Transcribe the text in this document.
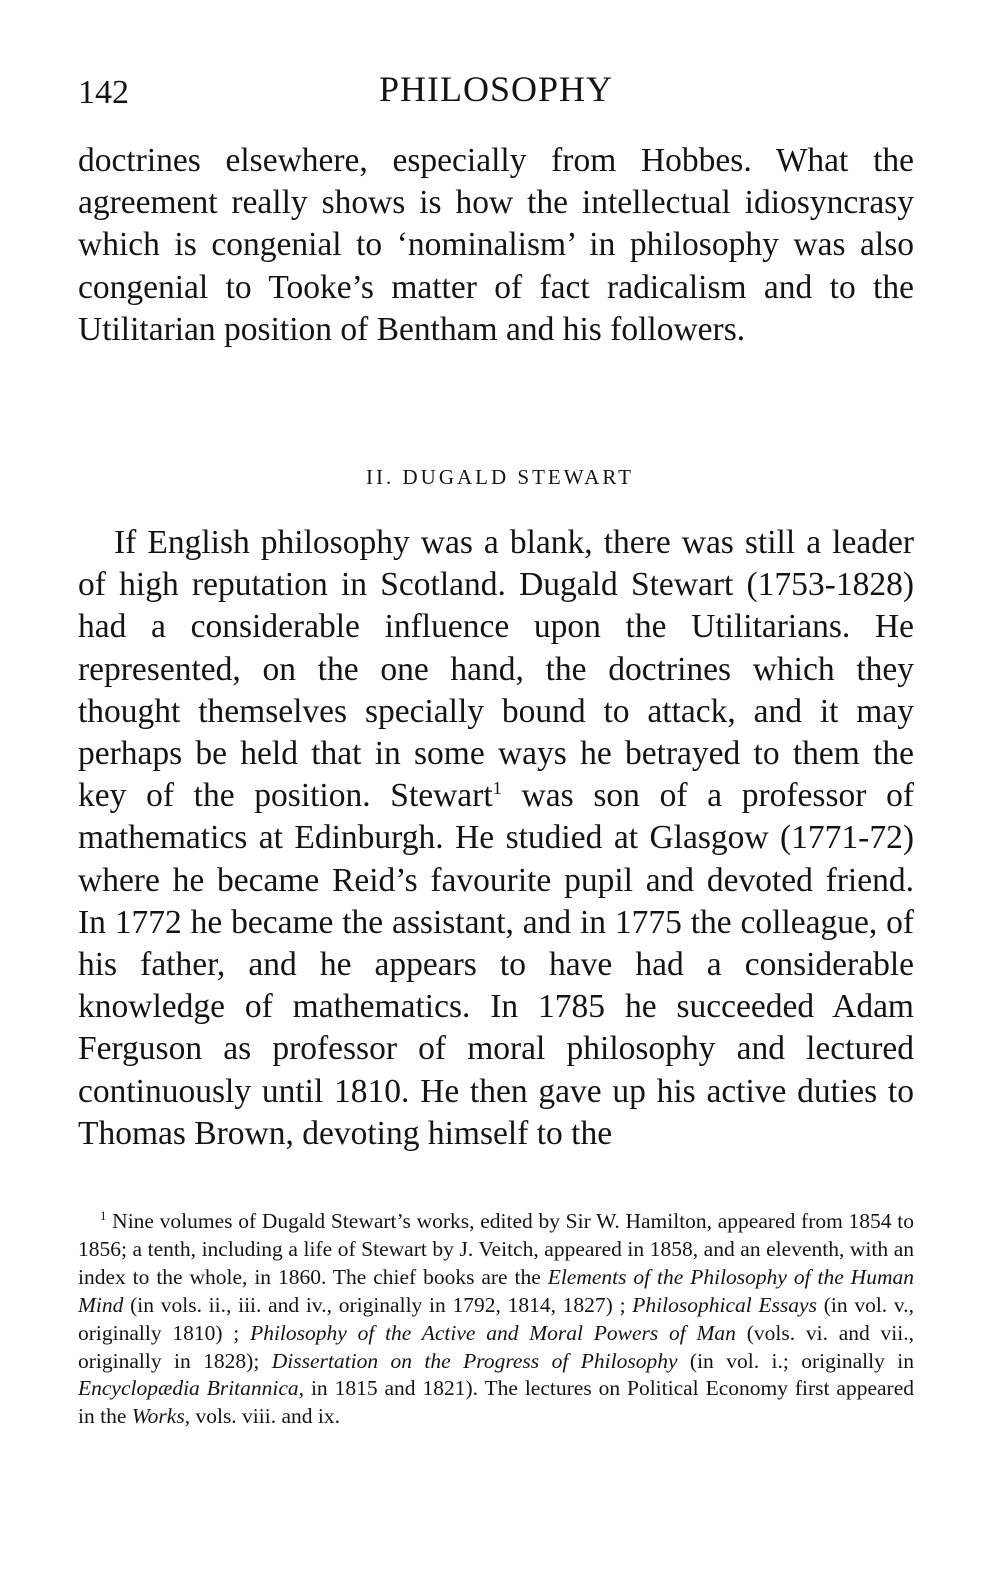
142	PHILOSOPHY

doctrines elsewhere, especially from Hobbes. What the agreement really shows is how the intellectual idiosyncrasy which is congenial to ‘nominalism’ in philosophy was also congenial to Tooke’s matter of fact radicalism and to the Utilitarian position of Bentham and his followers.

II. DUGALD STEWART

If English philosophy was a blank, there was still a leader of high reputation in Scotland. Dugald Stewart (1753-1828) had a considerable influence upon the Utilitarians. He represented, on the one hand, the doctrines which they thought themselves specially bound to attack, and it may perhaps be held that in some ways he betrayed to them the key of the position. Stewart$^1$ was son of a professor of mathematics at Edinburgh. He studied at Glasgow (1771-72) where he became Reid’s favourite pupil and devoted friend. In 1772 he became the assistant, and in 1775 the colleague, of his father, and he appears to have had a considerable knowledge of mathematics. In 1785 he succeeded Adam Ferguson as professor of moral philosophy and lectured continuously until 1810. He then gave up his active duties to Thomas Brown, devoting himself to the

$^1$ Nine volumes of Dugald Stewart’s works, edited by Sir W. Hamilton, appeared from 1854 to 1856; a tenth, including a life of Stewart by J. Veitch, appeared in 1858, and an eleventh, with an index to the whole, in 1860. The chief books are the Elements of the Philosophy of the Human Mind (in vols. ii., iii. and iv., originally in 1792, 1814, 1827) ; Philosophical Essays (in vol. v., originally 1810) ; Philosophy of the Active and Moral Powers of Man (vols. vi. and vii., originally in 1828); Dissertation on the Progress of Philosophy (in vol. i.; originally in Encyclopædia Britannica, in 1815 and 1821). The lectures on Political Economy first appeared in the Works, vols. viii. and ix.
